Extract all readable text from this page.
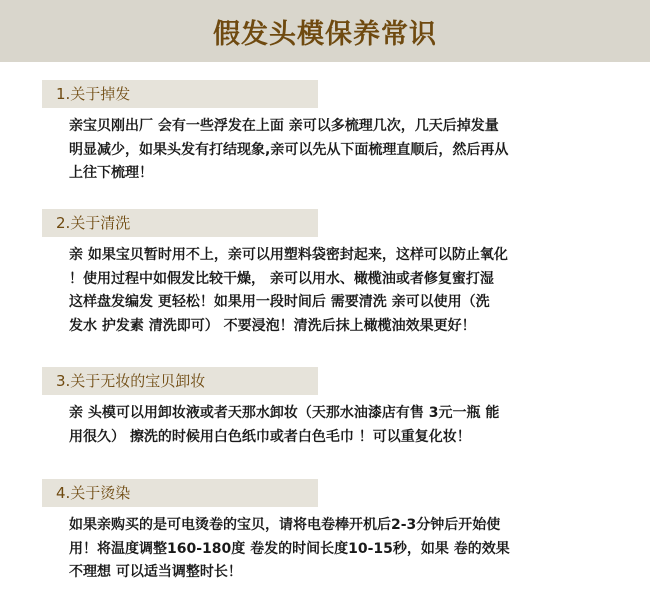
假发头模保养常识
1.关于掉发
亲宝贝刚出厂 会有一些浮发在上面 亲可以多梳理几次，几天后掉发量
明显减少，如果头发有打结现象,亲可以先从下面梳理直顺后，然后再从
上往下梳理！
2.关于清洗
亲 如果宝贝暂时用不上，亲可以用塑料袋密封起来，这样可以防止氧化
！使用过程中如假发比较干燥， 亲可以用水、橄榄油或者修复蜜打湿
这样盘发编发 更轻松！如果用一段时间后 需要清洗 亲可以使用（洗
发水 护发素 清洗即可） 不要浸泡！清洗后抹上橄榄油效果更好！
3.关于无妆的宝贝卸妆
亲 头模可以用卸妆液或者天那水卸妆（天那水油漆店有售 3元一瓶 能
用很久） 擦洗的时候用白色纸巾或者白色毛巾 ！可以重复化妆！
4.关于烫染
如果亲购买的是可电烫卷的宝贝，请将电卷棒开机后2-3分钟后开始使
用！将温度调整160-180度 卷发的时间长度10-15秒，如果 卷的效果
不理想 可以适当调整时长！
